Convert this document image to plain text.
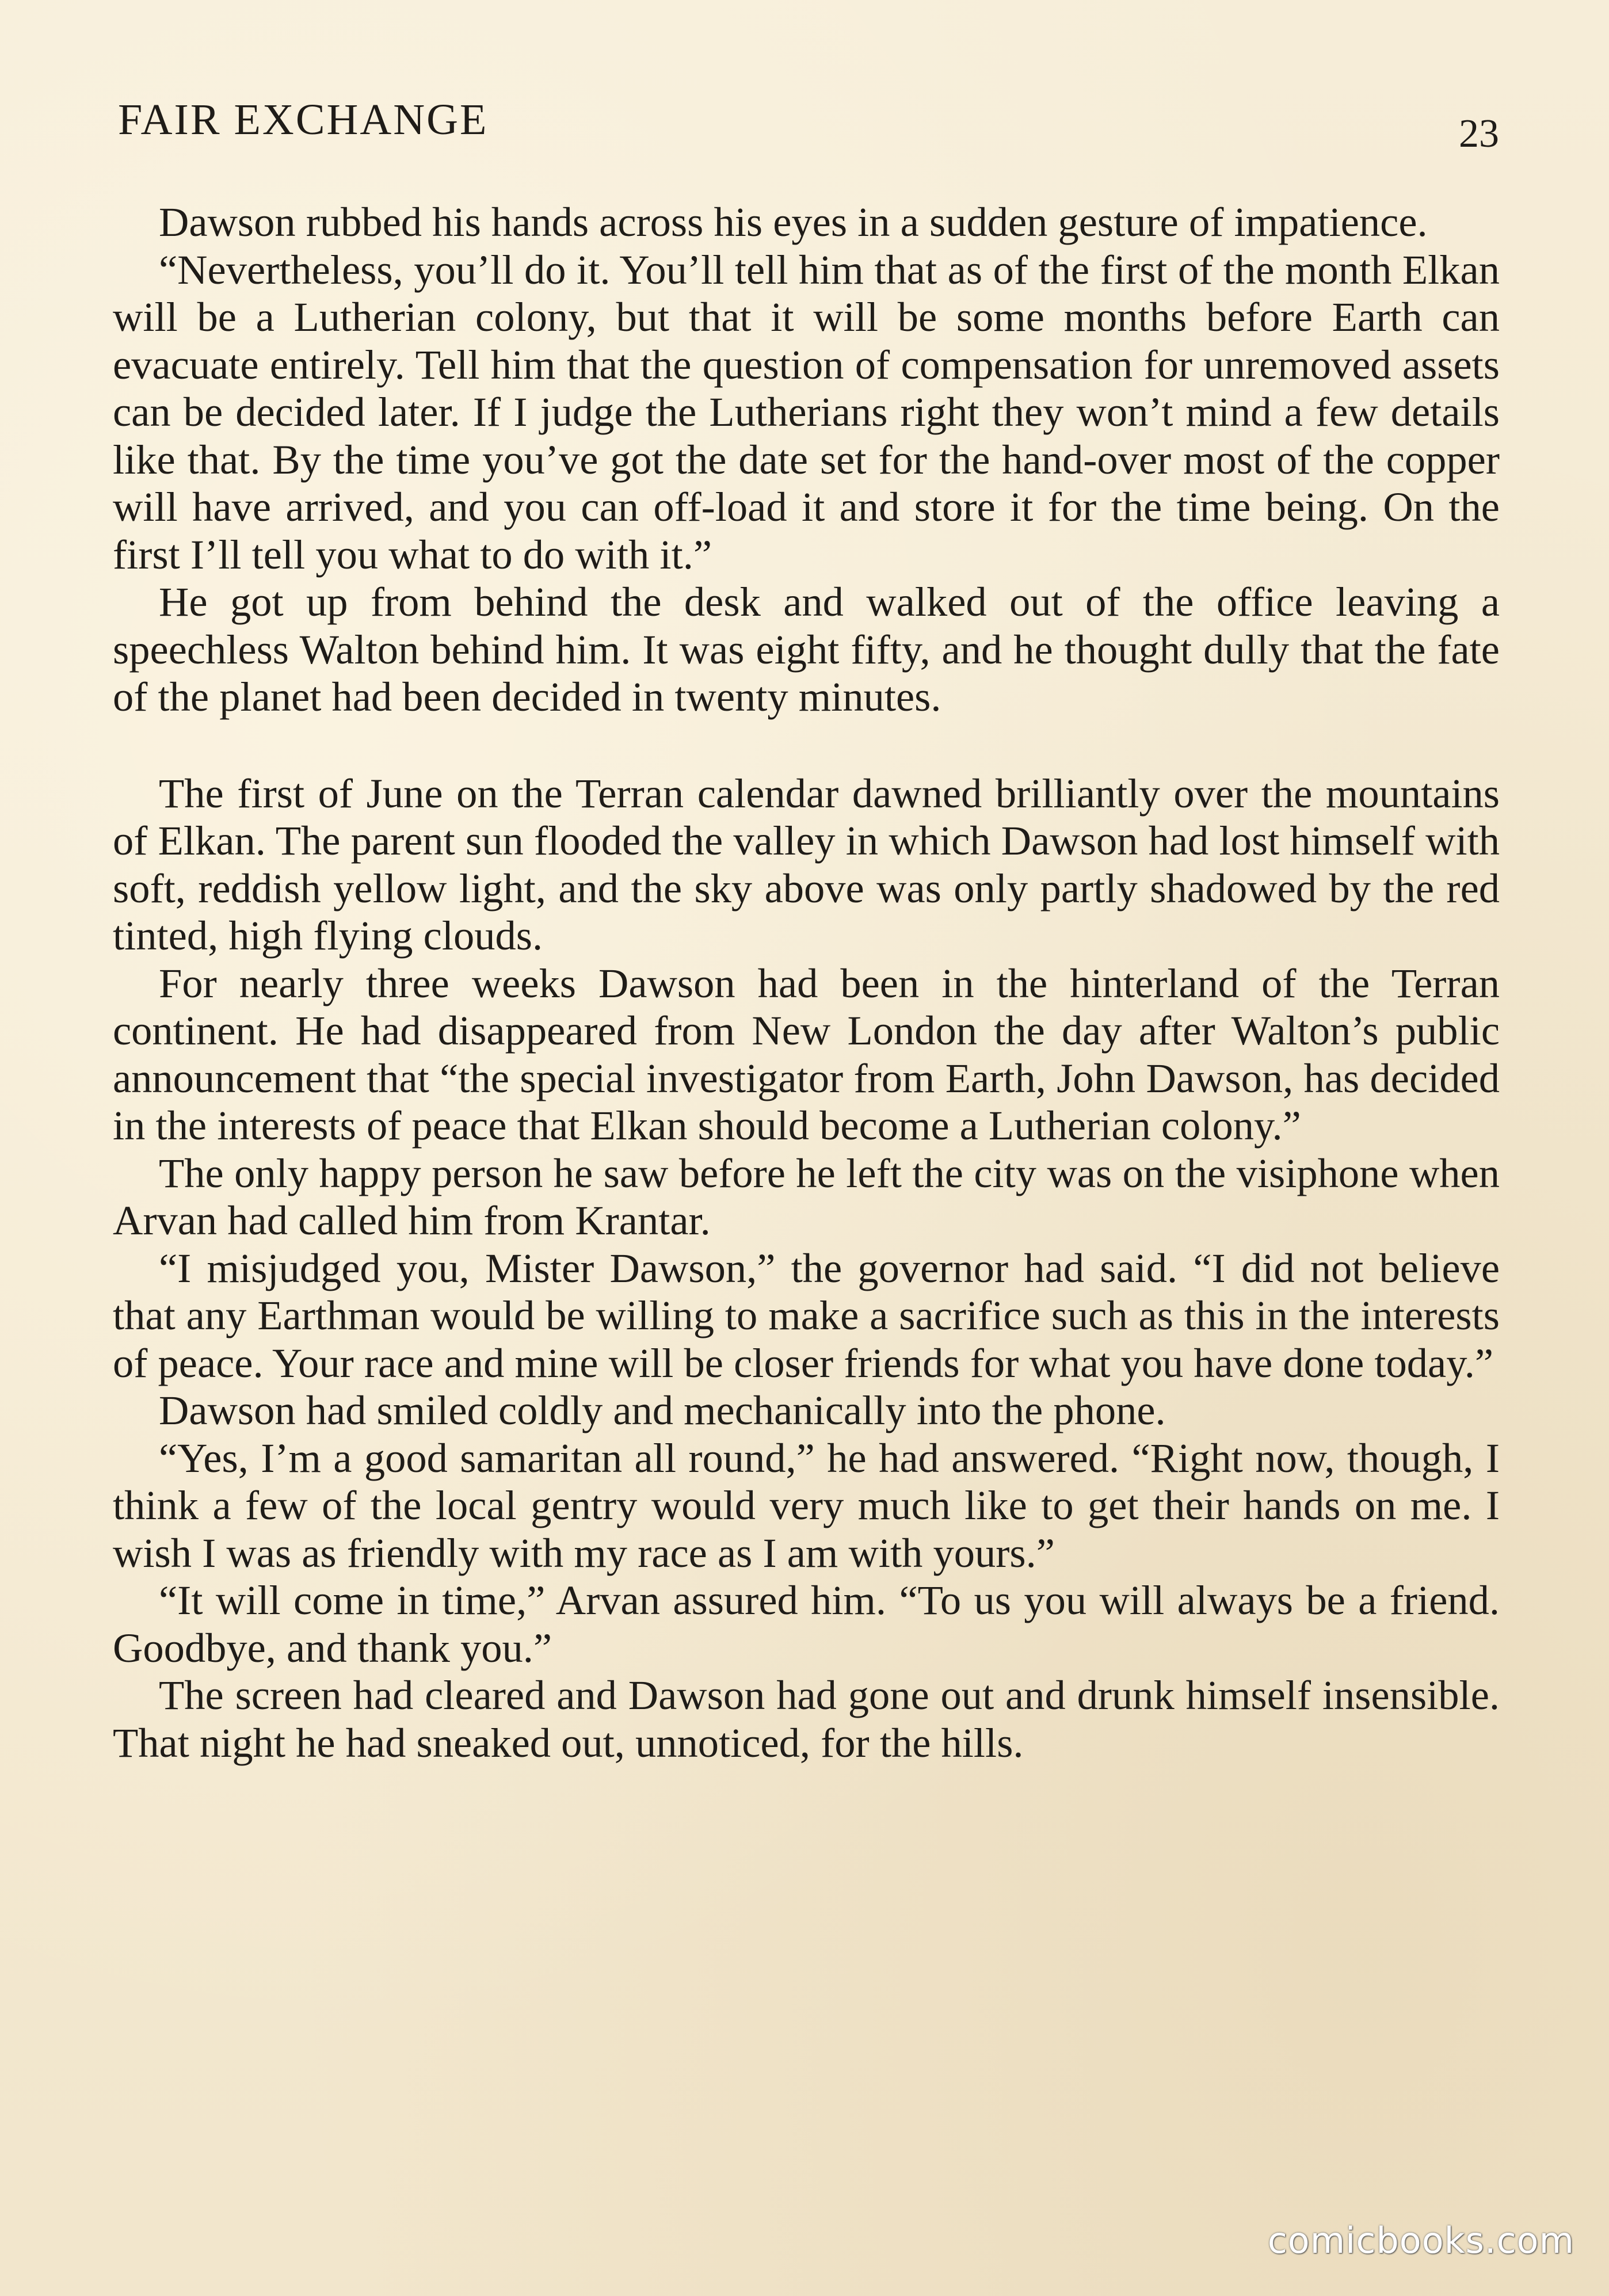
FAIR EXCHANGE	23

Dawson rubbed his hands across his eyes in a sudden gesture of impatience.

“Nevertheless, you’ll do it. You’ll tell him that as of the first of the month Elkan will be a Lutherian colony, but that it will be some months before Earth can evacuate entirely. Tell him that the question of compensation for unremoved assets can be decided later. If I judge the Lutherians right they won’t mind a few details like that. By the time you’ve got the date set for the hand-over most of the copper will have arrived, and you can off-load it and store it for the time being. On the first I’ll tell you what to do with it.”

He got up from behind the desk and walked out of the office leaving a speechless Walton behind him. It was eight fifty, and he thought dully that the fate of the planet had been decided in twenty minutes.

The first of June on the Terran calendar dawned brilliantly over the mountains of Elkan. The parent sun flooded the valley in which Dawson had lost himself with soft, reddish yellow light, and the sky above was only partly shadowed by the red tinted, high flying clouds.

For nearly three weeks Dawson had been in the hinterland of the Terran continent. He had disappeared from New London the day after Walton’s public announcement that “the special investigator from Earth, John Dawson, has decided in the interests of peace that Elkan should become a Lutherian colony.”

The only happy person he saw before he left the city was on the visiphone when Arvan had called him from Krantar.

“I misjudged you, Mister Dawson,” the governor had said. “I did not believe that any Earthman would be willing to make a sacrifice such as this in the interests of peace. Your race and mine will be closer friends for what you have done today.”

Dawson had smiled coldly and mechanically into the phone.

“Yes, I’m a good samaritan all round,” he had answered. “Right now, though, I think a few of the local gentry would very much like to get their hands on me. I wish I was as friendly with my race as I am with yours.”

“It will come in time,” Arvan assured him. “To us you will always be a friend. Goodbye, and thank you.”

The screen had cleared and Dawson had gone out and drunk himself insensible. That night he had sneaked out, unnoticed, for the hills.

comicbooks.com
